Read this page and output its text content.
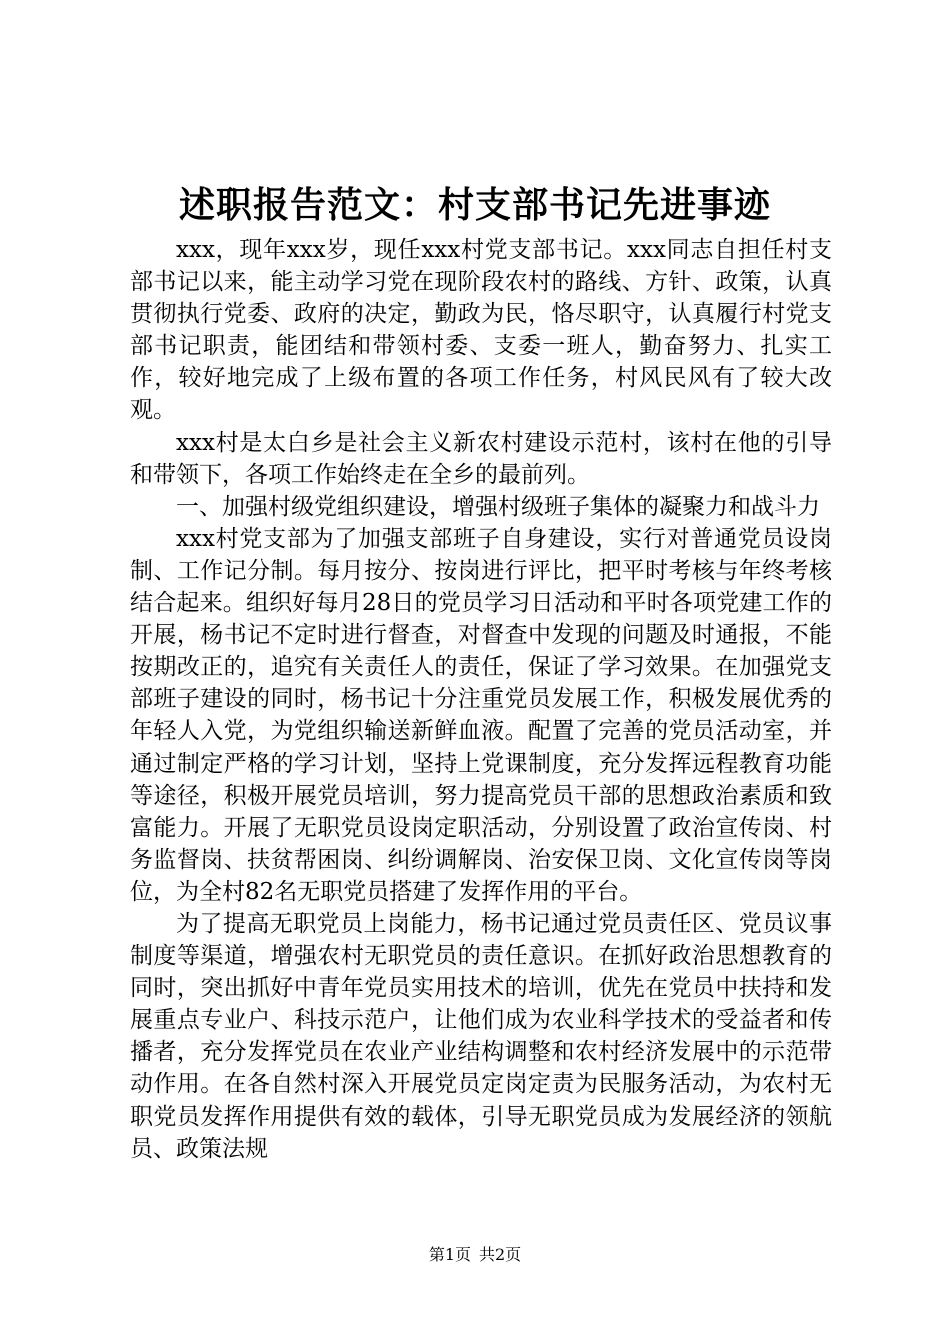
述职报告范文：村支部书记先进事迹

xxx，现年xxx岁，现任xxx村党支部书记。xxx同志自担任村支部书记以来，能主动学习党在现阶段农村的路线、方针、政策，认真贯彻执行党委、政府的决定，勤政为民，恪尽职守，认真履行村党支部书记职责，能团结和带领村委、支委一班人，勤奋努力、扎实工作，较好地完成了上级布置的各项工作任务，村风民风有了较大改观。

xxx村是太白乡是社会主义新农村建设示范村，该村在他的引导和带领下，各项工作始终走在全乡的最前列。

一、加强村级党组织建设，增强村级班子集体的凝聚力和战斗力

xxx村党支部为了加强支部班子自身建设，实行对普通党员设岗制、工作记分制。每月按分、按岗进行评比，把平时考核与年终考核结合起来。组织好每月28日的党员学习日活动和平时各项党建工作的开展，杨书记不定时进行督查，对督查中发现的问题及时通报，不能按期改正的，追究有关责任人的责任，保证了学习效果。在加强党支部班子建设的同时，杨书记十分注重党员发展工作，积极发展优秀的年轻人入党，为党组织输送新鲜血液。配置了完善的党员活动室，并通过制定严格的学习计划，坚持上党课制度，充分发挥远程教育功能等途径，积极开展党员培训，努力提高党员干部的思想政治素质和致富能力。开展了无职党员设岗定职活动，分别设置了政治宣传岗、村务监督岗、扶贫帮困岗、纠纷调解岗、治安保卫岗、文化宣传岗等岗位，为全村82名无职党员搭建了发挥作用的平台。

为了提高无职党员上岗能力，杨书记通过党员责任区、党员议事制度等渠道，增强农村无职党员的责任意识。在抓好政治思想教育的同时，突出抓好中青年党员实用技术的培训，优先在党员中扶持和发展重点专业户、科技示范户，让他们成为农业科学技术的受益者和传播者，充分发挥党员在农业产业结构调整和农村经济发展中的示范带动作用。在各自然村深入开展党员定岗定责为民服务活动，为农村无职党员发挥作用提供有效的载体，引导无职党员成为发展经济的领航员、政策法规

第1页 共2页
